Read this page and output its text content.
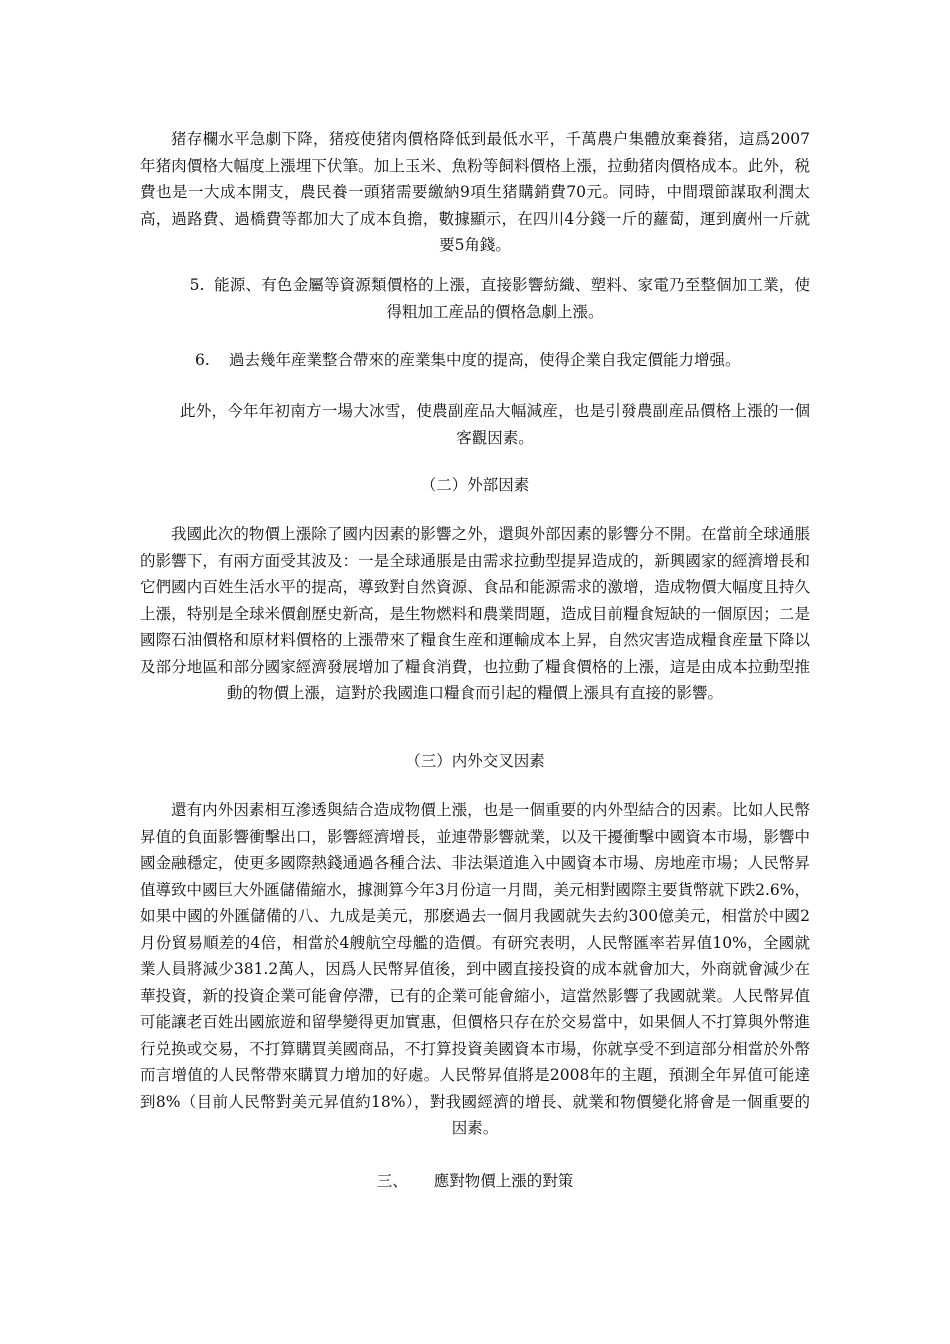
猪存欄水平急劇下降，猪疫使猪肉價格降低到最低水平，千萬農户集體放棄養猪，這爲2007年猪肉價格大幅度上漲埋下伏筆。加上玉米、魚粉等飼料價格上漲，拉動猪肉價格成本。此外，税費也是一大成本開支，農民養一頭猪需要繳納9項生猪購銷費70元。同時，中間環節謀取利潤太高，過路費、過橋費等都加大了成本負擔，數據顯示，在四川4分錢一斤的蘿蔔，運到廣州一斤就要5角錢。

5. 能源、有色金屬等資源類價格的上漲，直接影響紡織、塑料、家電乃至整個加工業，使得粗加工産品的價格急劇上漲。

6. 過去幾年産業整合帶來的産業集中度的提高，使得企業自我定價能力增强。

此外，今年年初南方一場大冰雪，使農副産品大幅減産，也是引發農副産品價格上漲的一個客觀因素。

（二）外部因素

我國此次的物價上漲除了國内因素的影響之外，還與外部因素的影響分不開。在當前全球通脹的影響下，有兩方面受其波及：一是全球通脹是由需求拉動型提昇造成的，新興國家的經濟增長和它們國内百姓生活水平的提高，導致對自然資源、食品和能源需求的激增，造成物價大幅度且持久上漲，特别是全球米價創歷史新高，是生物燃料和農業問題，造成目前糧食短缺的一個原因；二是國際石油價格和原材料價格的上漲帶來了糧食生産和運輸成本上昇，自然灾害造成糧食産量下降以及部分地區和部分國家經濟發展增加了糧食消費，也拉動了糧食價格的上漲，這是由成本拉動型推動的物價上漲，這對於我國進口糧食而引起的糧價上漲具有直接的影響。

（三）内外交叉因素

還有内外因素相互滲透與結合造成物價上漲，也是一個重要的内外型結合的因素。比如人民幣昇值的負面影響衝擊出口，影響經濟增長，並連帶影響就業，以及干擾衝擊中國資本市場，影響中國金融穩定，使更多國際熱錢通過各種合法、非法渠道進入中國資本市場、房地産市場；人民幣昇值導致中國巨大外匯儲備縮水，據測算今年3月份這一月間，美元相對國際主要貨幣就下跌2.6%，如果中國的外匯儲備的八、九成是美元，那麽過去一個月我國就失去約300億美元，相當於中國2月份貿易順差的4倍，相當於4艘航空母艦的造價。有研究表明，人民幣匯率若昇值10%，全國就業人員將減少381.2萬人，因爲人民幣昇值後，到中國直接投資的成本就會加大，外商就會減少在華投資，新的投資企業可能會停滯，已有的企業可能會縮小，這當然影響了我國就業。人民幣昇值可能讓老百姓出國旅遊和留學變得更加實惠，但價格只存在於交易當中，如果個人不打算與外幣進行兑换或交易，不打算購買美國商品，不打算投資美國資本市場，你就享受不到這部分相當於外幣而言增值的人民幣帶來購買力增加的好處。人民幣昇值將是2008年的主題，預測全年昇值可能達到8%（目前人民幣對美元昇值約18%），對我國經濟的增長、就業和物價變化將會是一個重要的因素。

三、 應對物價上漲的對策
